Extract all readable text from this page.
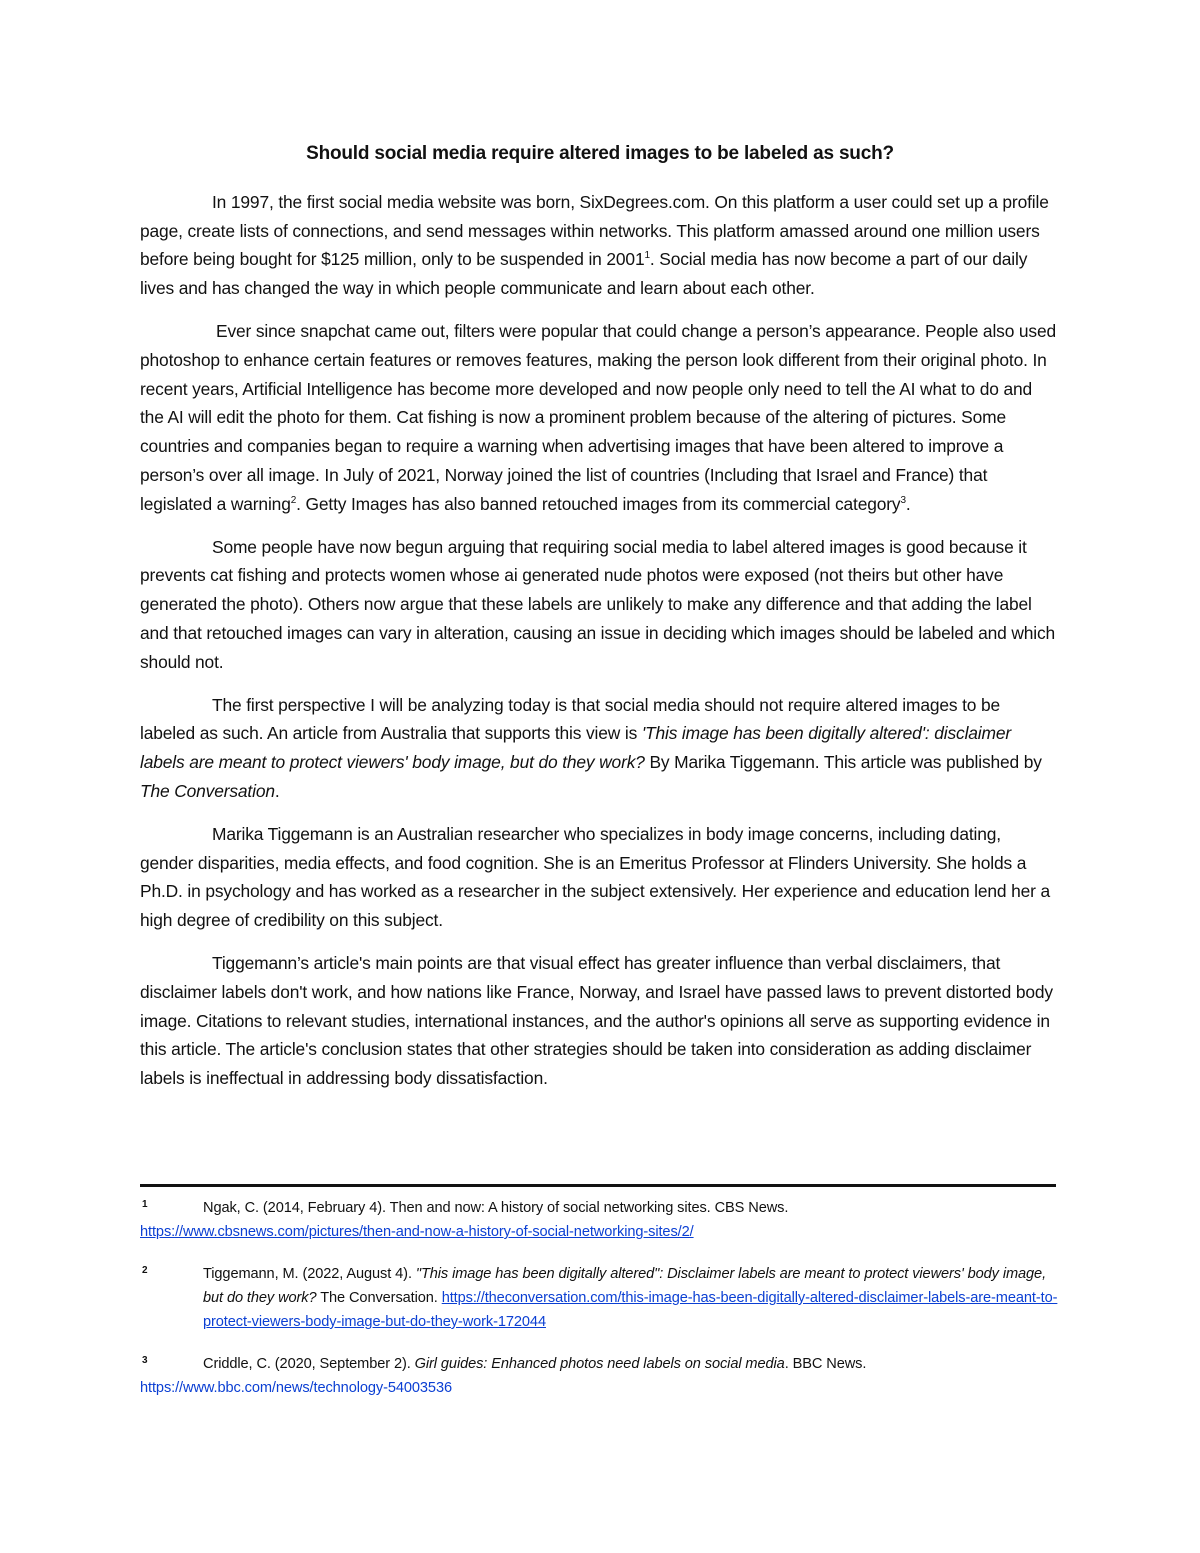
Should social media require altered images to be labeled as such?

In 1997, the first social media website was born, SixDegrees.com. On this platform a user could set up a profile page, create lists of connections, and send messages within networks. This platform amassed around one million users before being bought for $125 million, only to be suspended in 2001$^1$. Social media has now become a part of our daily lives and has changed the way in which people communicate and learn about each other.

Ever since snapchat came out, filters were popular that could change a person’s appearance. People also used photoshop to enhance certain features or removes features, making the person look different from their original photo. In recent years, Artificial Intelligence has become more developed and now people only need to tell the AI what to do and the AI will edit the photo for them. Cat fishing is now a prominent problem because of the altering of pictures. Some countries and companies began to require a warning when advertising images that have been altered to improve a person’s over all image. In July of 2021, Norway joined the list of countries (Including that Israel and France) that legislated a warning$^2$. Getty Images has also banned retouched images from its commercial category$^3$.

Some people have now begun arguing that requiring social media to label altered images is good because it prevents cat fishing and protects women whose ai generated nude photos were exposed (not theirs but other have generated the photo). Others now argue that these labels are unlikely to make any difference and that adding the label and that retouched images can vary in alteration, causing an issue in deciding which images should be labeled and which should not.

The first perspective I will be analyzing today is that social media should not require altered images to be labeled as such. An article from Australia that supports this view is 'This image has been digitally altered': disclaimer labels are meant to protect viewers' body image, but do they work? By Marika Tiggemann. This article was published by The Conversation.

Marika Tiggemann is an Australian researcher who specializes in body image concerns, including dating, gender disparities, media effects, and food cognition. She is an Emeritus Professor at Flinders University. She holds a Ph.D. in psychology and has worked as a researcher in the subject extensively. Her experience and education lend her a high degree of credibility on this subject.

Tiggemann’s article's main points are that visual effect has greater influence than verbal disclaimers, that disclaimer labels don't work, and how nations like France, Norway, and Israel have passed laws to prevent distorted body image. Citations to relevant studies, international instances, and the author's opinions all serve as supporting evidence in this article. The article's conclusion states that other strategies should be taken into consideration as adding disclaimer labels is ineffectual in addressing body dissatisfaction.

1	Ngak, C. (2014, February 4). Then and now: A history of social networking sites. CBS News.
https://www.cbsnews.com/pictures/then-and-now-a-history-of-social-networking-sites/2/
2	Tiggemann, M. (2022, August 4). "This image has been digitally altered": Disclaimer labels are meant to protect viewers' body image, but do they work? The Conversation. https://theconversation.com/this-image-has-been-digitally-altered-disclaimer-labels-are-meant-to-protect-viewers-body-image-but-do-they-work-172044
3	Criddle, C. (2020, September 2). Girl guides: Enhanced photos need labels on social media. BBC News.
https://www.bbc.com/news/technology-54003536
